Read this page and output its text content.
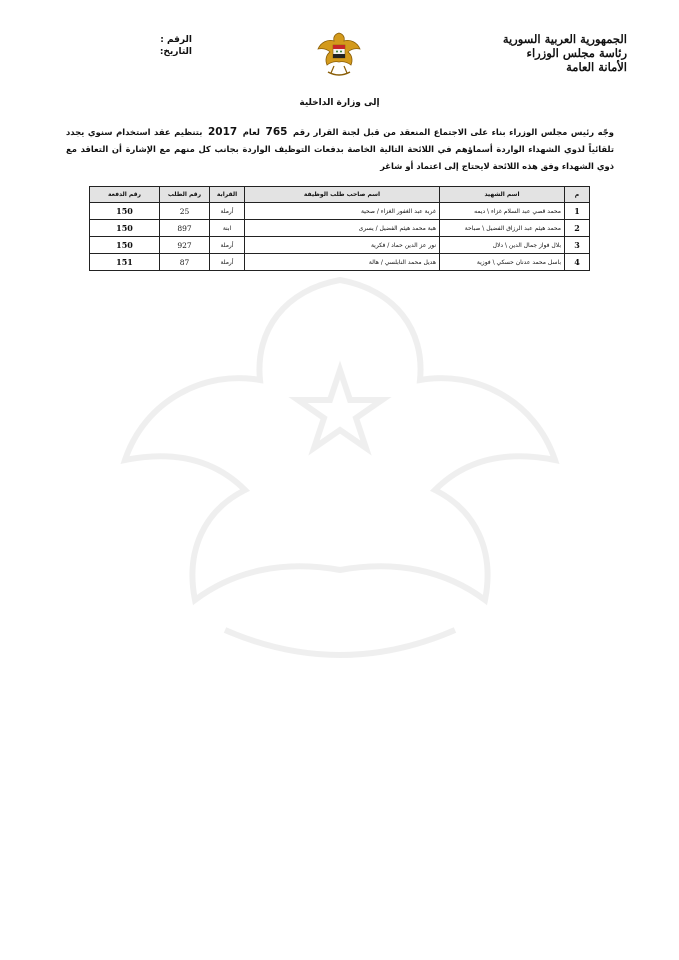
الجمهورية العربية السورية
رئاسة مجلس الوزراء
الأمانة العامة
الرقم :
التاريخ:
إلى وزارة الداخلية
وجّه رئيس مجلس الوزراء بناء على الاجتماع المنعقد من قبل لجنة القرار رقم 765 لعام 2017 بتنظيم عقد استخدام سنوي يجدد تلقائياً لذوي الشهداء الواردة أسماؤهم في اللائحة التالية الخاصة بدفعات التوظيف الواردة بجانب كل منهم مع الإشارة أن التعاقد مع ذوي الشهداء وفق هذه اللائحة لايحتاج إلى اعتماد أو شاغر
م	اسم الشهيد	اسم صاحب طلب الوظيفة	القرابة	رقم الطلب	رقم الدفعة
1	محمد قصي عبد السلام غزاء \ ديمه	غربة عبد الغفور الغزاء / صحية	أرملة	25	150
2	محمد هيثم عبد الرزاق الفضيل \ صباحة	هبة محمد هيثم الفضيل / يسرى	ابنة	897	150
3	بلال فواز جمال الدين \ دلال	نور عز الدين حماد / فكرية	أرملة	927	150
4	باسل محمد عدنان حسكي \ فوزية	هديل محمد النابلسي / هالة	أرملة	87	151
